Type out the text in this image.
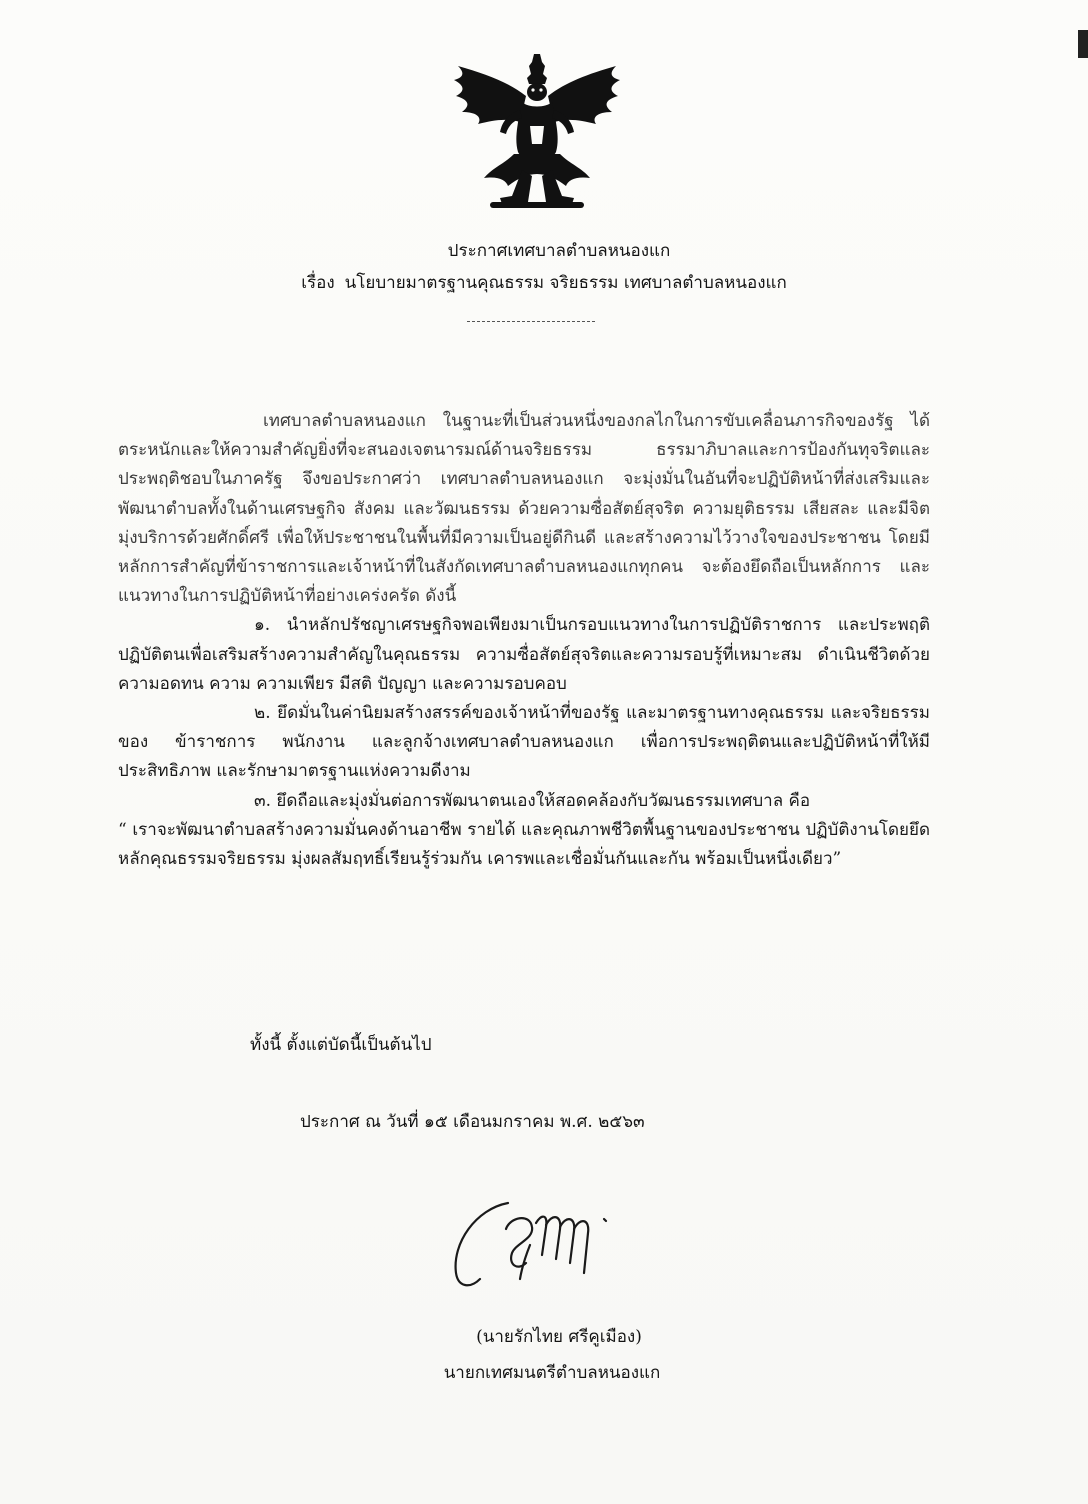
ประกาศเทศบาลตำบลหนองแก
เรื่อง นโยบายมาตรฐานคุณธรรม จริยธรรม เทศบาลตำบลหนองแก

เทศบาลตำบลหนองแก ในฐานะที่เป็นส่วนหนึ่งของกลไกในการขับเคลื่อนภารกิจของรัฐ ได้ตระหนักและให้ความสำคัญยิ่งที่จะสนองเจตนารมณ์ด้านจริยธรรม ธรรมาภิบาลและการป้องกันทุจริตและประพฤติชอบในภาครัฐ จึงขอประกาศว่า เทศบาลตำบลหนองแก จะมุ่งมั่นในอันที่จะปฏิบัติหน้าที่ส่งเสริมและพัฒนาตำบลทั้งในด้านเศรษฐกิจ สังคม และวัฒนธรรม ด้วยความซื่อสัตย์สุจริต ความยุติธรรม เสียสละ และมีจิตมุ่งบริการด้วยศักดิ์ศรี เพื่อให้ประชาชนในพื้นที่มีความเป็นอยู่ดีกินดี และสร้างความไว้วางใจของประชาชน โดยมีหลักการสำคัญที่ข้าราชการและเจ้าหน้าที่ในสังกัดเทศบาลตำบลหนองแกทุกคน จะต้องยึดถือเป็นหลักการ และแนวทางในการปฏิบัติหน้าที่อย่างเคร่งครัด ดังนี้

๑. นำหลักปรัชญาเศรษฐกิจพอเพียงมาเป็นกรอบแนวทางในการปฏิบัติราชการ และประพฤติปฏิบัติตนเพื่อเสริมสร้างความสำคัญในคุณธรรม ความซื่อสัตย์สุจริตและความรอบรู้ที่เหมาะสม ดำเนินชีวิตด้วยความอดทน ความ ความเพียร มีสติ ปัญญา และความรอบคอบ

๒. ยึดมั่นในค่านิยมสร้างสรรค์ของเจ้าหน้าที่ของรัฐ และมาตรฐานทางคุณธรรม และจริยธรรมของ ข้าราชการ พนักงาน และลูกจ้างเทศบาลตำบลหนองแก เพื่อการประพฤติตนและปฏิบัติหน้าที่ให้มีประสิทธิภาพ และรักษามาตรฐานแห่งความดีงาม

๓. ยึดถือและมุ่งมั่นต่อการพัฒนาตนเองให้สอดคล้องกับวัฒนธรรมเทศบาล คือ

“ เราจะพัฒนาตำบลสร้างความมั่นคงด้านอาชีพ รายได้ และคุณภาพชีวิตพื้นฐานของประชาชน ปฏิบัติงานโดยยึดหลักคุณธรรมจริยธรรม มุ่งผลสัมฤทธิ์เรียนรู้ร่วมกัน เคารพและเชื่อมั่นกันและกัน พร้อมเป็นหนึ่งเดียว”

ทั้งนี้ ตั้งแต่บัดนี้เป็นต้นไป
ประกาศ ณ วันที่ ๑๕ เดือนมกราคม พ.ศ. ๒๕๖๓
(นายรักไทย ศรีคูเมือง)
นายกเทศมนตรีตำบลหนองแก
